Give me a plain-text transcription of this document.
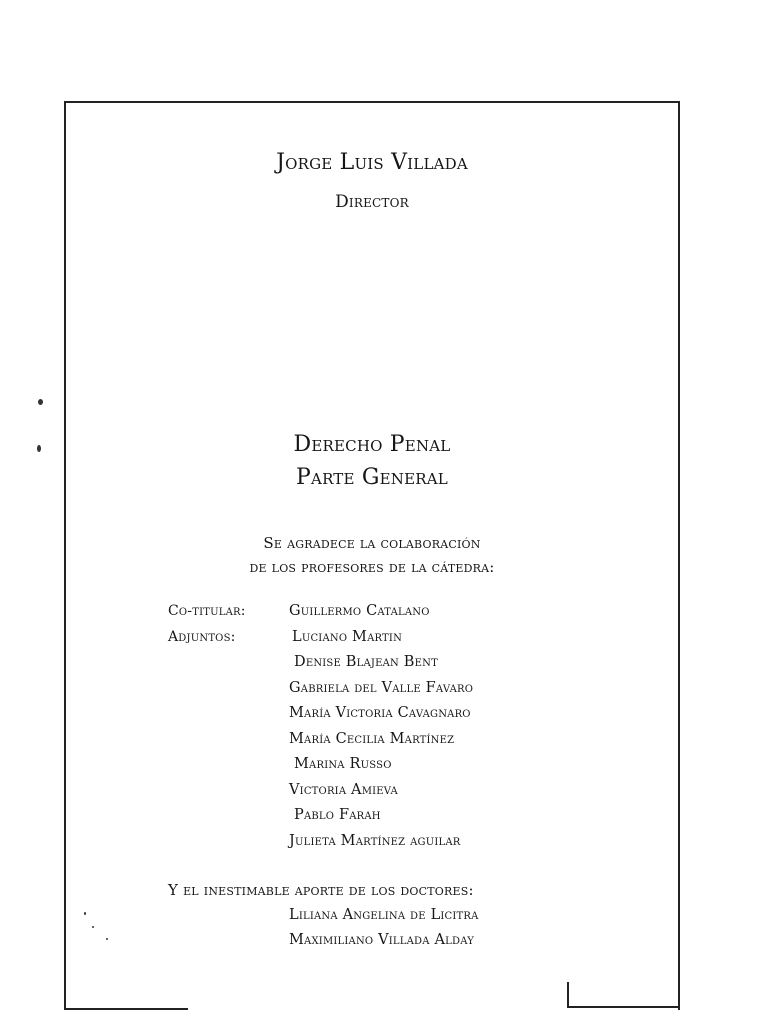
Jorge Luis Villada
Director
Derecho Penal
Parte General
Se agradece la colaboración
de los profesores de la cátedra:
Co-titular:
Adjuntos:
Guillermo Catalano
Luciano Martin
Denise Blajean Bent
Gabriela del Valle Favaro
María Victoria Cavagnaro
María Cecilia Martínez
Marina Russo
Victoria Amieva
Pablo Farah
Julieta Martínez aguilar
Y el inestimable aporte de los doctores:
Liliana Angelina de Licitra
Maximiliano Villada Alday
